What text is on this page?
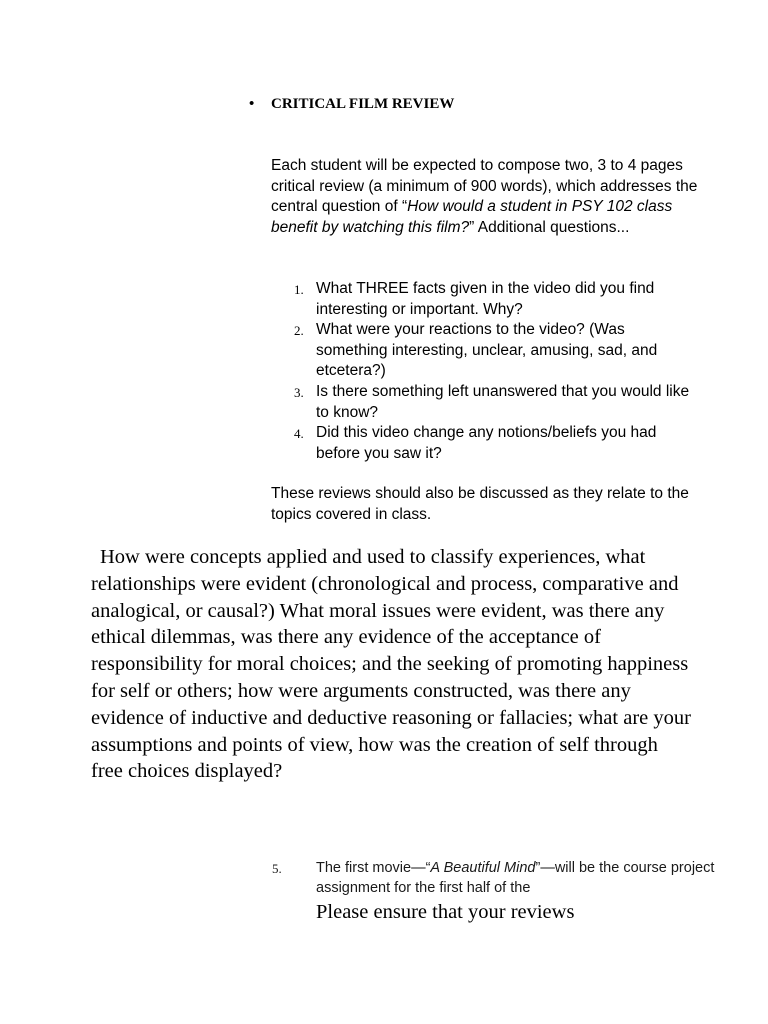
• CRITICAL FILM REVIEW
Each student will be expected to compose two, 3 to 4 pages critical review (a minimum of 900 words), which addresses the central question of “How would a student in PSY 102 class benefit by watching this film?” Additional questions...
1. What THREE facts given in the video did you find interesting or important. Why?
2. What were your reactions to the video? (Was something interesting, unclear, amusing, sad, and etcetera?)
3. Is there something left unanswered that you would like to know?
4. Did this video change any notions/beliefs you had before you saw it?
These reviews should also be discussed as they relate to the topics covered in class.
How were concepts applied and used to classify experiences, what relationships were evident (chronological and process, comparative and analogical, or causal?) What moral issues were evident, was there any ethical dilemmas, was there any evidence of the acceptance of responsibility for moral choices; and the seeking of promoting happiness for self or others; how were arguments constructed, was there any evidence of inductive and deductive reasoning or fallacies; what are your assumptions and points of view, how was the creation of self through free choices displayed?
5. The first movie—“A Beautiful Mind”—will be the course project assignment for the first half of the
Please ensure that your reviews
